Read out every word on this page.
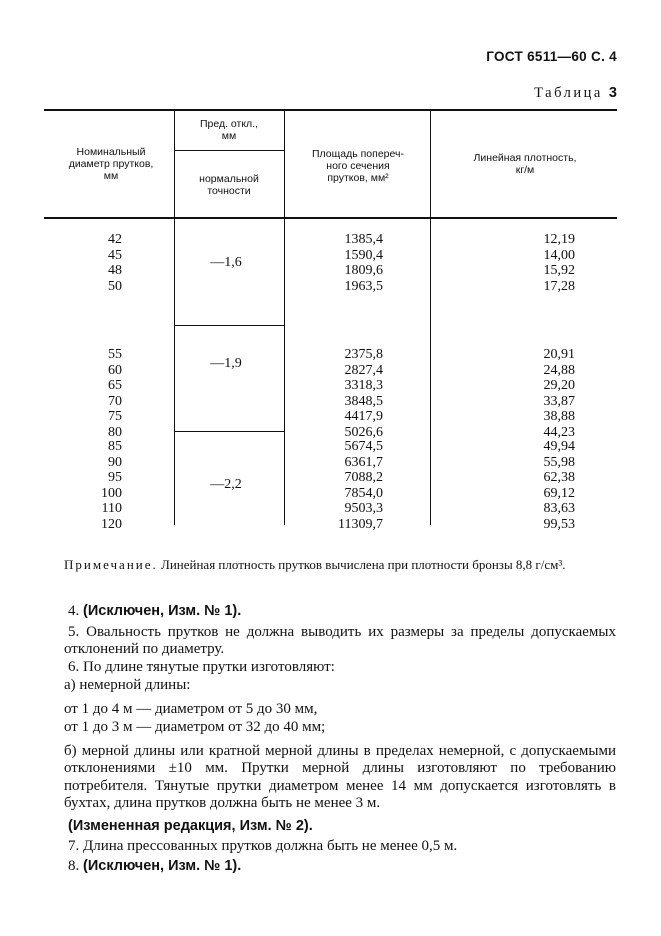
ГОСТ 6511—60 С. 4
Таблица 3
Номинальный
диаметр прутков,
мм
Пред. откл.,
мм
нормальной
точности
Площадь попереч-
ного сечения
прутков, мм²
Линейная плотность,
кг/м
42
45
48
50
—1,6
1385,4
1590,4
1809,6
1963,5
12,19
14,00
15,92
17,28
55
60
65
70
75
80
—1,9
2375,8
2827,4
3318,3
3848,5
4417,9
5026,6
20,91
24,88
29,20
33,87
38,88
44,23
85
90
95
100
110
120
—2,2
5674,5
6361,7
7088,2
7854,0
9503,3
11309,7
49,94
55,98
62,38
69,12
83,63
99,53
Примечание. Линейная плотность прутков вычислена при плотности бронзы 8,8 г/см³.

4. (Исключен, Изм. № 1).

5. Овальность прутков не должна выводить их размеры за пределы допускаемых отклонений по диаметру.

6. По длине тянутые прутки изготовляют:

а) немерной длины:

от 1 до 4 м — диаметром от 5 до 30 мм,

от 1 до 3 м — диаметром от 32 до 40 мм;

б) мерной длины или кратной мерной длины в пределах немерной, с допускаемыми отклонениями ±10 мм. Прутки мерной длины изготовляют по требованию потребителя. Тянутые прутки диаметром менее 14 мм допускается изготовлять в бухтах, длина прутков должна быть не менее 3 м.

(Измененная редакция, Изм. № 2).

7. Длина прессованных прутков должна быть не менее 0,5 м.

8. (Исключен, Изм. № 1).
